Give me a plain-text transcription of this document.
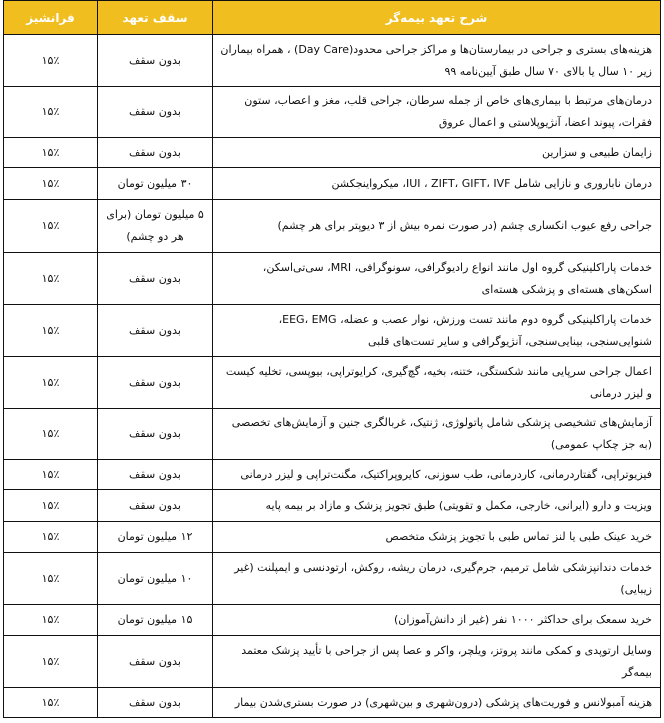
شرح تعهد بیمه‌گر	سقف تعهد	فرانشیز
هزینه‌های بستری و جراحی در بیمارستان‌ها و مراکز جراحی محدود(Day Care) ، همراه بیماران زیر ۱۰ سال یا بالای ۷۰ سال طبق آیین‌نامه ۹۹	بدون سقف	۱۵٪
درمان‌های مرتبط با بیماری‌های خاص از جمله سرطان، جراحی قلب، مغز و اعصاب، ستون فقرات، پیوند اعضا، آنژیوپلاستی و اعمال عروق	بدون سقف	۱۵٪
زایمان طبیعی و سزارین	بدون سقف	۱۵٪
درمان ناباروری و نازایی شامل IUI ، ZIFT، GIFT، IVF، میکرواینجکشن	۳۰ میلیون تومان	۱۵٪
جراحی رفع عیوب انکساری چشم (در صورت نمره بیش از ۳ دیوپتر برای هر چشم)	۵ میلیون تومان (برای هر دو چشم)	۱۵٪
خدمات پاراکلینیکی گروه اول مانند انواع رادیوگرافی، سونوگرافی، MRI، سی‌تی‌اسکن، اسکن‌های هسته‌ای و پزشکی هسته‌ای	بدون سقف	۱۵٪
خدمات پاراکلینیکی گروه دوم مانند تست ورزش، نوار عصب و عضله، EEG، EMG، شنوایی‌سنجی، بینایی‌سنجی، آنژیوگرافی و سایر تست‌های قلبی	بدون سقف	۱۵٪
اعمال جراحی سرپایی مانند شکستگی، ختنه، بخیه، گچ‌گیری، کرایوتراپی، بیوپسی، تخلیه کیست و لیزر درمانی	بدون سقف	۱۵٪
آزمایش‌های تشخیصی پزشکی شامل پاتولوژی، ژنتیک، غربالگری جنین و آزمایش‌های تخصصی (به جز چکاپ عمومی)	بدون سقف	۱۵٪
فیزیوتراپی، گفتاردرمانی، کاردرمانی، طب سوزنی، کایروپراکتیک، مگنت‌تراپی و لیزر درمانی	بدون سقف	۱۵٪
ویزیت و دارو (ایرانی، خارجی، مکمل و تقویتی) طبق تجویز پزشک و مازاد بر بیمه پایه	بدون سقف	۱۵٪
خرید عینک طبی یا لنز تماس طبی با تجویز پزشک متخصص	۱۲ میلیون تومان	۱۵٪
خدمات دندانپزشکی شامل ترمیم، جرم‌گیری، درمان ریشه، روکش، ارتودنسی و ایمپلنت (غیر زیبایی)	۱۰ میلیون تومان	۱۵٪
خرید سمعک برای حداکثر ۱۰۰۰ نفر (غیر از دانش‌آموزان)	۱۵ میلیون تومان	۱۵٪
وسایل ارتوپدی و کمکی مانند پروتز، ویلچر، واکر و عصا پس از جراحی با تأیید پزشک معتمد بیمه‌گر	بدون سقف	۱۵٪
هزینه آمبولانس و فوریت‌های پزشکی (درون‌شهری و بین‌شهری) در صورت بستری‌شدن بیمار	بدون سقف	۱۵٪
